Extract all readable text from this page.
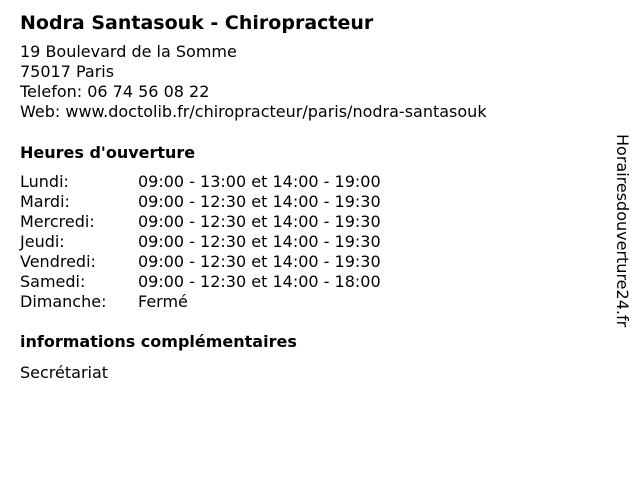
Nodra Santasouk - Chiropracteur
19 Boulevard de la Somme
75017 Paris
Telefon: 06 74 56 08 22
Web: www.doctolib.fr/chiropracteur/paris/nodra-santasouk
Heures d'ouverture
Lundi:	09:00 - 13:00 et 14:00 - 19:00
Mardi:	09:00 - 12:30 et 14:00 - 19:30
Mercredi:	09:00 - 12:30 et 14:00 - 19:30
Jeudi:	09:00 - 12:30 et 14:00 - 19:30
Vendredi:	09:00 - 12:30 et 14:00 - 19:30
Samedi:	09:00 - 12:30 et 14:00 - 18:00
Dimanche:	Fermé
informations complémentaires
Secrétariat
Horairesdouverture24.fr
